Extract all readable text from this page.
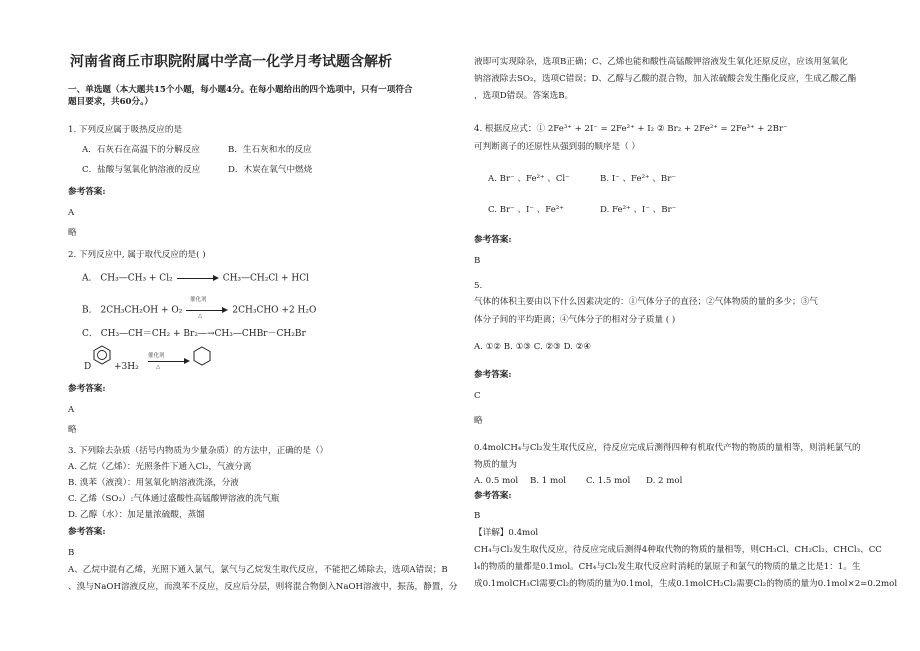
河南省商丘市职院附属中学高一化学月考试题含解析
一、单选题（本大题共15个小题，每小题4分。在每小题给出的四个选项中，只有一项符合
题目要求，共60分。）
1. 下列反应属于吸热反应的是
A．石灰石在高温下的分解反应	B．生石灰和水的反应
C．盐酸与氢氧化钠溶液的反应	D．木炭在氧气中燃烧
参考答案:
A
略
2. 下列反应中, 属于取代反应的是( )
A． CH₃—CH₃ + Cl₂	CH₃—CH₂Cl + HCl
催化剂
△
B． 2CH₃CH₂OH + O₂	2CH₃CHO +2 H₂O
C． CH₃—CH＝CH₂ + Br₂—→CH₃—CHBr－CH₂Br
D	+3H₂
催化剂
△
参考答案:
A
略
3. 下列除去杂质（括号内物质为少量杂质）的方法中，正确的是（）
A. 乙烷（乙烯）：光照条件下通入Cl₂，气液分离
B. 溴苯（液溴）：用氢氧化钠溶液洗涤，分液
C. 乙烯（SO₂）:气体通过盛酸性高锰酸钾溶液的洗气瓶
D. 乙醇（水）：加足量浓硫酸，蒸馏
参考答案:
B
A、乙烷中混有乙烯，光照下通入氯气，氯气与乙烷发生取代反应，不能把乙烯除去，选项A错误；B
、溴与NaOH溶液反应，而溴苯不反应，反应后分层，则将混合物倒入NaOH溶液中，振荡，静置，分
液即可实现除杂，选项B正确；C、乙烯也能和酸性高锰酸钾溶液发生氧化还原反应，应该用氢氧化
钠溶液除去SO₂，选项C错误；D、乙醇与乙酸的混合物，加入浓硫酸会发生酯化反应，生成乙酸乙酯
，选项D错误。答案选B。
4. 根据反应式：① 2Fe³⁺ + 2I⁻ = 2Fe²⁺ + I₂ ② Br₂ + 2Fe²⁺ = 2Fe³⁺ + 2Br⁻
可判断离子的还原性从强到弱的顺序是（ ）
A. Br⁻ 、Fe²⁺ 、Cl⁻	B. I⁻ 、Fe²⁺ 、Br⁻
C. Br⁻ 、I⁻ 、Fe²⁺	D. Fe²⁺ 、I⁻ 、Br⁻
参考答案:
B
5.
气体的体积主要由以下什么因素决定的：①气体分子的直径；②气体物质的量的多少；③气
体分子间的平均距离；④气体分子的相对分子质量 ( )
A. ①② B. ①③ C. ②③ D. ②④
参考答案:
C
略
0.4molCH₄与Cl₂发生取代反应，待反应完成后测得四种有机取代产物的物质的量相等，则消耗氯气的
物质的量为
A. 0.5 mol B. 1 mol C. 1.5 mol D. 2 mol
参考答案:
B
【详解】0.4mol
CH₄与Cl₂发生取代反应，待反应完成后测得4种取代物的物质的量相等，则CH₃Cl、CH₂Cl₂、CHCl₃、CC
l₄的物质的量都是0.1mol。CH₄与Cl₂发生取代反应时消耗的氯原子和氯气的物质的量之比是1：1。生
成0.1molCH₃Cl需要Cl₂的物质的量为0.1mol，生成0.1molCH₂Cl₂需要Cl₂的物质的量为0.1mol×2=0.2mol
